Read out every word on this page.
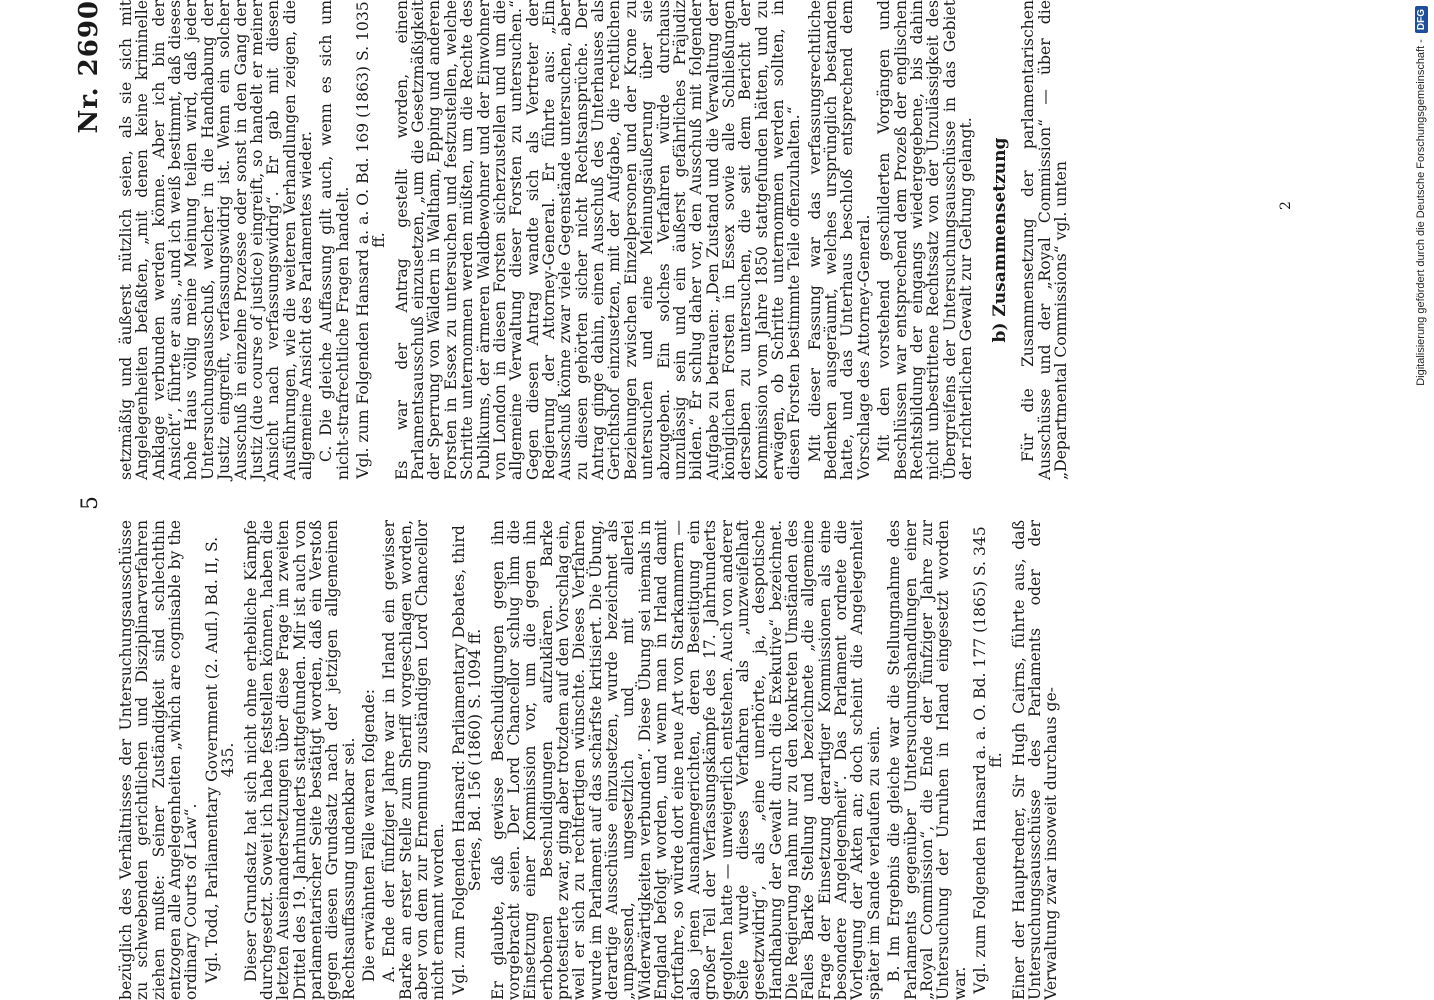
5
Nr. 2690

bezüglich des Verhältnisses der Untersuchungsausschüsse zu schwebenden gerichtlichen und Disziplinarverfahren ziehen mußte: Seiner Zuständigkeit sind schlechthin entzogen alle Angelegenheiten „which are cognisable by the ordinary Courts of Law“. Vgl. Todd, Parliamentary Government (2. Aufl.) Bd. II, S. 435. Dieser Grundsatz hat sich nicht ohne erhebliche Kämpfe durchgesetzt. Soweit ich habe feststellen können, haben die letzten Auseinandersetzungen über diese Frage im zweiten Drittel des 19. Jahrhunderts stattgefunden. Mir ist auch von parlamentarischer Seite bestätigt worden, daß ein Verstoß gegen diesen Grundsatz nach der jetzigen allgemeinen Rechtsauffassung undenkbar sei. Die erwähnten Fälle waren folgende: A. Ende der fünfziger Jahre war in Irland ein gewisser Barke an erster Stelle zum Sheriff vorgeschlagen worden, aber von dem zur Ernennung zuständigen Lord Chancellor nicht ernannt worden. Vgl. zum Folgenden Hansard: Parliamentary Debates, third Series, Bd. 156 (1860) S. 1094 ff. Er glaubte, daß gewisse Beschuldigungen gegen ihn vorgebracht seien. Der Lord Chancellor schlug ihm die Einsetzung einer Kommission vor, um die gegen ihn erhobenen Beschuldigungen aufzuklären. Barke protestierte zwar, ging aber trotzdem auf den Vorschlag ein, weil er sich zu rechtfertigen wünschte. Dieses Verfahren wurde im Parlament auf das schärfste kritisiert. Die Übung, derartige Ausschüsse einzusetzen, wurde bezeichnet als „unpassend, ungesetzlich und mit allerlei Widerwärtigkeiten verbunden“. Diese Übung sei niemals in England befolgt worden, und wenn man in Irland damit fortfahre, so würde dort eine neue Art von Starkammern — also jenen Ausnahmegerichten, deren Beseitigung ein großer Teil der Verfassungskämpfe des 17. Jahrhunderts gegolten hatte — unweigerlich entstehen. Auch von anderer Seite wurde dieses Verfahren als „unzweifelhaft gesetzwidrig“, als „eine unerhörte, ja, despotische Handhabung der Gewalt durch die Exekutive“ bezeichnet. Die Regierung nahm nur zu den konkreten Umständen des Falles Barke Stellung und bezeichnete „die allgemeine Frage der Einsetzung derartiger Kommissionen als eine besondere Angelegenheit“. Das Parlament ordnete die Vorlegung der Akten an; doch scheint die Angelegenheit später im Sande verlaufen zu sein. B. Im Ergebnis die gleiche war die Stellungnahme des Parlaments gegenüber Untersuchungshandlungen einer „Royal Commission“, die Ende der fünfziger Jahre zur Untersuchung der Unruhen in Irland eingesetzt worden war. Vgl. zum Folgenden Hansard a. a. O. Bd. 177 (1865) S. 345 ff. Einer der Hauptredner, Sir Hugh Cairns, führte aus, daß Untersuchungsausschüsse des Parlaments oder der Verwaltung zwar insoweit durchaus ge-

setzmäßig und äußerst nützlich seien, als sie sich mit Angelegenheiten befaßten, „mit denen keine kriminelle Anklage verbunden werden könne. Aber ich bin der Ansicht“, führte er aus, „und ich weiß bestimmt, daß dieses hohe Haus völlig meine Meinung teilen wird, daß jeder Untersuchungsausschuß, welcher in die Handhabung der Justiz eingreift, verfassungswidrig ist. Wenn ein solcher Ausschuß in einzelne Prozesse oder sonst in den Gang der Justiz (due course of justice) eingreift, so handelt er meiner Ansicht nach verfassungswidrig“. Er gab mit diesen Ausführungen, wie die weiteren Verhandlungen zeigen, die allgemeine Ansicht des Parlamentes wieder. C. Die gleiche Auffassung gilt auch, wenn es sich um nicht-strafrechtliche Fragen handelt. Vgl. zum Folgenden Hansard a. a. O. Bd. 169 (1863) S. 1035 ff. Es war der Antrag gestellt worden, einen Parlamentsausschuß einzusetzen, „um die Gesetzmäßigkeit der Sperrung von Wäldern in Waltham, Epping und anderen Forsten in Essex zu untersuchen und festzustellen, welche Schritte unternommen werden müßten, um die Rechte des Publikums, der ärmeren Waldbewohner und der Einwohner von London in diesen Forsten sicherzustellen und um die allgemeine Verwaltung dieser Forsten zu untersuchen.“ Gegen diesen Antrag wandte sich als Vertreter der Regierung der Attorney-General. Er führte aus: „Ein Ausschuß könne zwar viele Gegenstände untersuchen, aber zu diesen gehörten sicher nicht Rechtsansprüche. Der Antrag ginge dahin, einen Ausschuß des Unterhauses als Gerichtshof einzusetzen, mit der Aufgabe, die rechtlichen Beziehungen zwischen Einzelpersonen und der Krone zu untersuchen und eine Meinungsäußerung über sie abzugeben. Ein solches Verfahren würde durchaus unzulässig sein und ein äußerst gefährliches Präjudiz bilden.“ Er schlug daher vor, den Ausschuß mit folgender Aufgabe zu betrauen: „Den Zustand und die Verwaltung der königlichen Forsten in Essex sowie alle Schließungen derselben zu untersuchen, die seit dem Bericht der Kommission vom Jahre 1850 stattgefunden hätten, und zu erwägen, ob Schritte unternommen werden sollten, in diesen Forsten bestimmte Teile offenzuhalten.“ Mit dieser Fassung war das verfassungsrechtliche Bedenken ausgeräumt, welches ursprünglich bestanden hatte, und das Unterhaus beschloß entsprechend dem Vorschlage des Attorney-General. Mit den vorstehend geschilderten Vorgängen und Beschlüssen war entsprechend dem Prozeß der englischen Rechtsbildung der eingangs wiedergegebene, bis dahin nicht unbestrittene Rechtssatz von der Unzulässigkeit des Übergreifens der Untersuchungsausschüsse in das Gebiet der richterlichen Gewalt zur Geltung gelangt. b) Zusammensetzung Für die Zusammensetzung der parlamentarischen Ausschüsse und der „Royal Commission“ — über die „Departmental Commissions“ vgl. unten	2	Digitalisierung gefördert durch die Deutsche Forschungsgemeinschaft -
DFG
